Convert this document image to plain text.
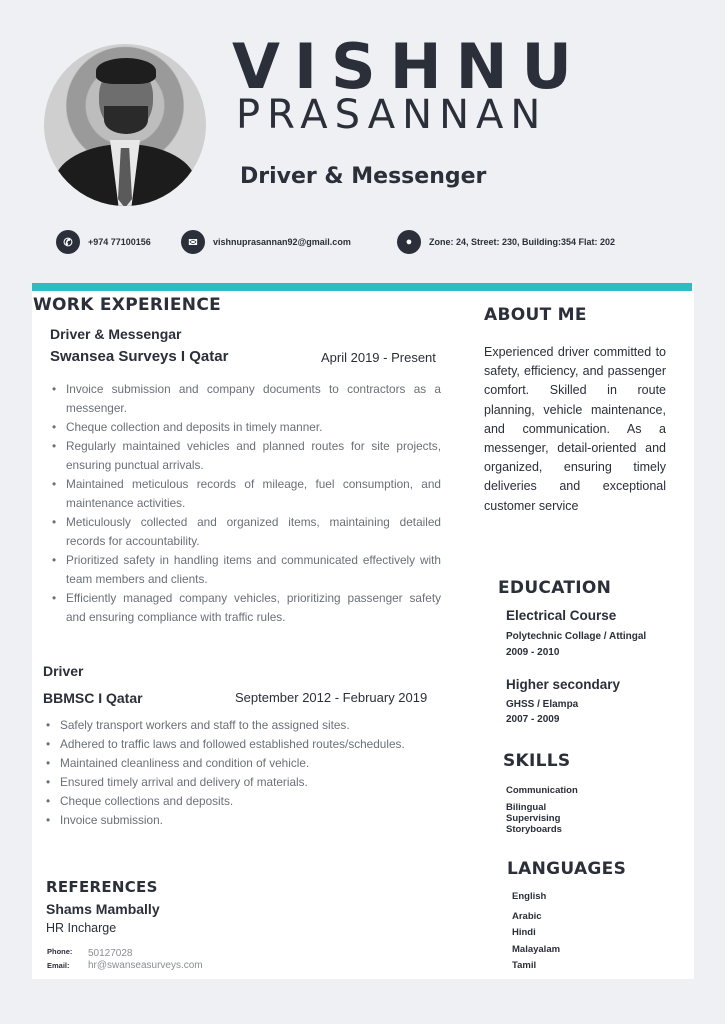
VISHNU
PRASANNAN
Driver & Messenger
✆	+974 77100156	✉	vishnuprasannan92@gmail.com	●	Zone: 24, Street: 230, Building:354 Flat: 202
WORK EXPERIENCE
Driver & Messengar
Swansea Surveys I Qatar	April 2019 - Present
• Invoice submission and company documents to contractors as a messenger.
• Cheque collection and deposits in timely manner.
• Regularly maintained vehicles and planned routes for site projects, ensuring punctual arrivals.
• Maintained meticulous records of mileage, fuel consumption, and maintenance activities.
• Meticulously collected and organized items, maintaining detailed records for accountability.
• Prioritized safety in handling items and communicated effectively with team members and clients.
• Efficiently managed company vehicles, prioritizing passenger safety and ensuring compliance with traffic rules.
Driver
BBMSC I Qatar	September 2012 - February 2019
• Safely transport workers and staff to the assigned sites.
• Adhered to traffic laws and followed established routes/schedules.
• Maintained cleanliness and condition of vehicle.
• Ensured timely arrival and delivery of materials.
• Cheque collections and deposits.
• Invoice submission.
REFERENCES
Shams Mambally
HR Incharge
Phone: 50127028
Email: hr@swanseasurveys.com
ABOUT ME
Experienced driver committed to safety, efficiency, and passenger comfort. Skilled in route planning, vehicle maintenance, and communication. As a messenger, detail-oriented and organized, ensuring timely deliveries and exceptional customer service
EDUCATION
Electrical Course
Polytechnic Collage / Attingal
2009 - 2010
Higher secondary
GHSS / Elampa
2007 - 2009
SKILLS
Communication
Bilingual
Supervising
Storyboards
LANGUAGES
English
Arabic
Hindi
Malayalam
Tamil
